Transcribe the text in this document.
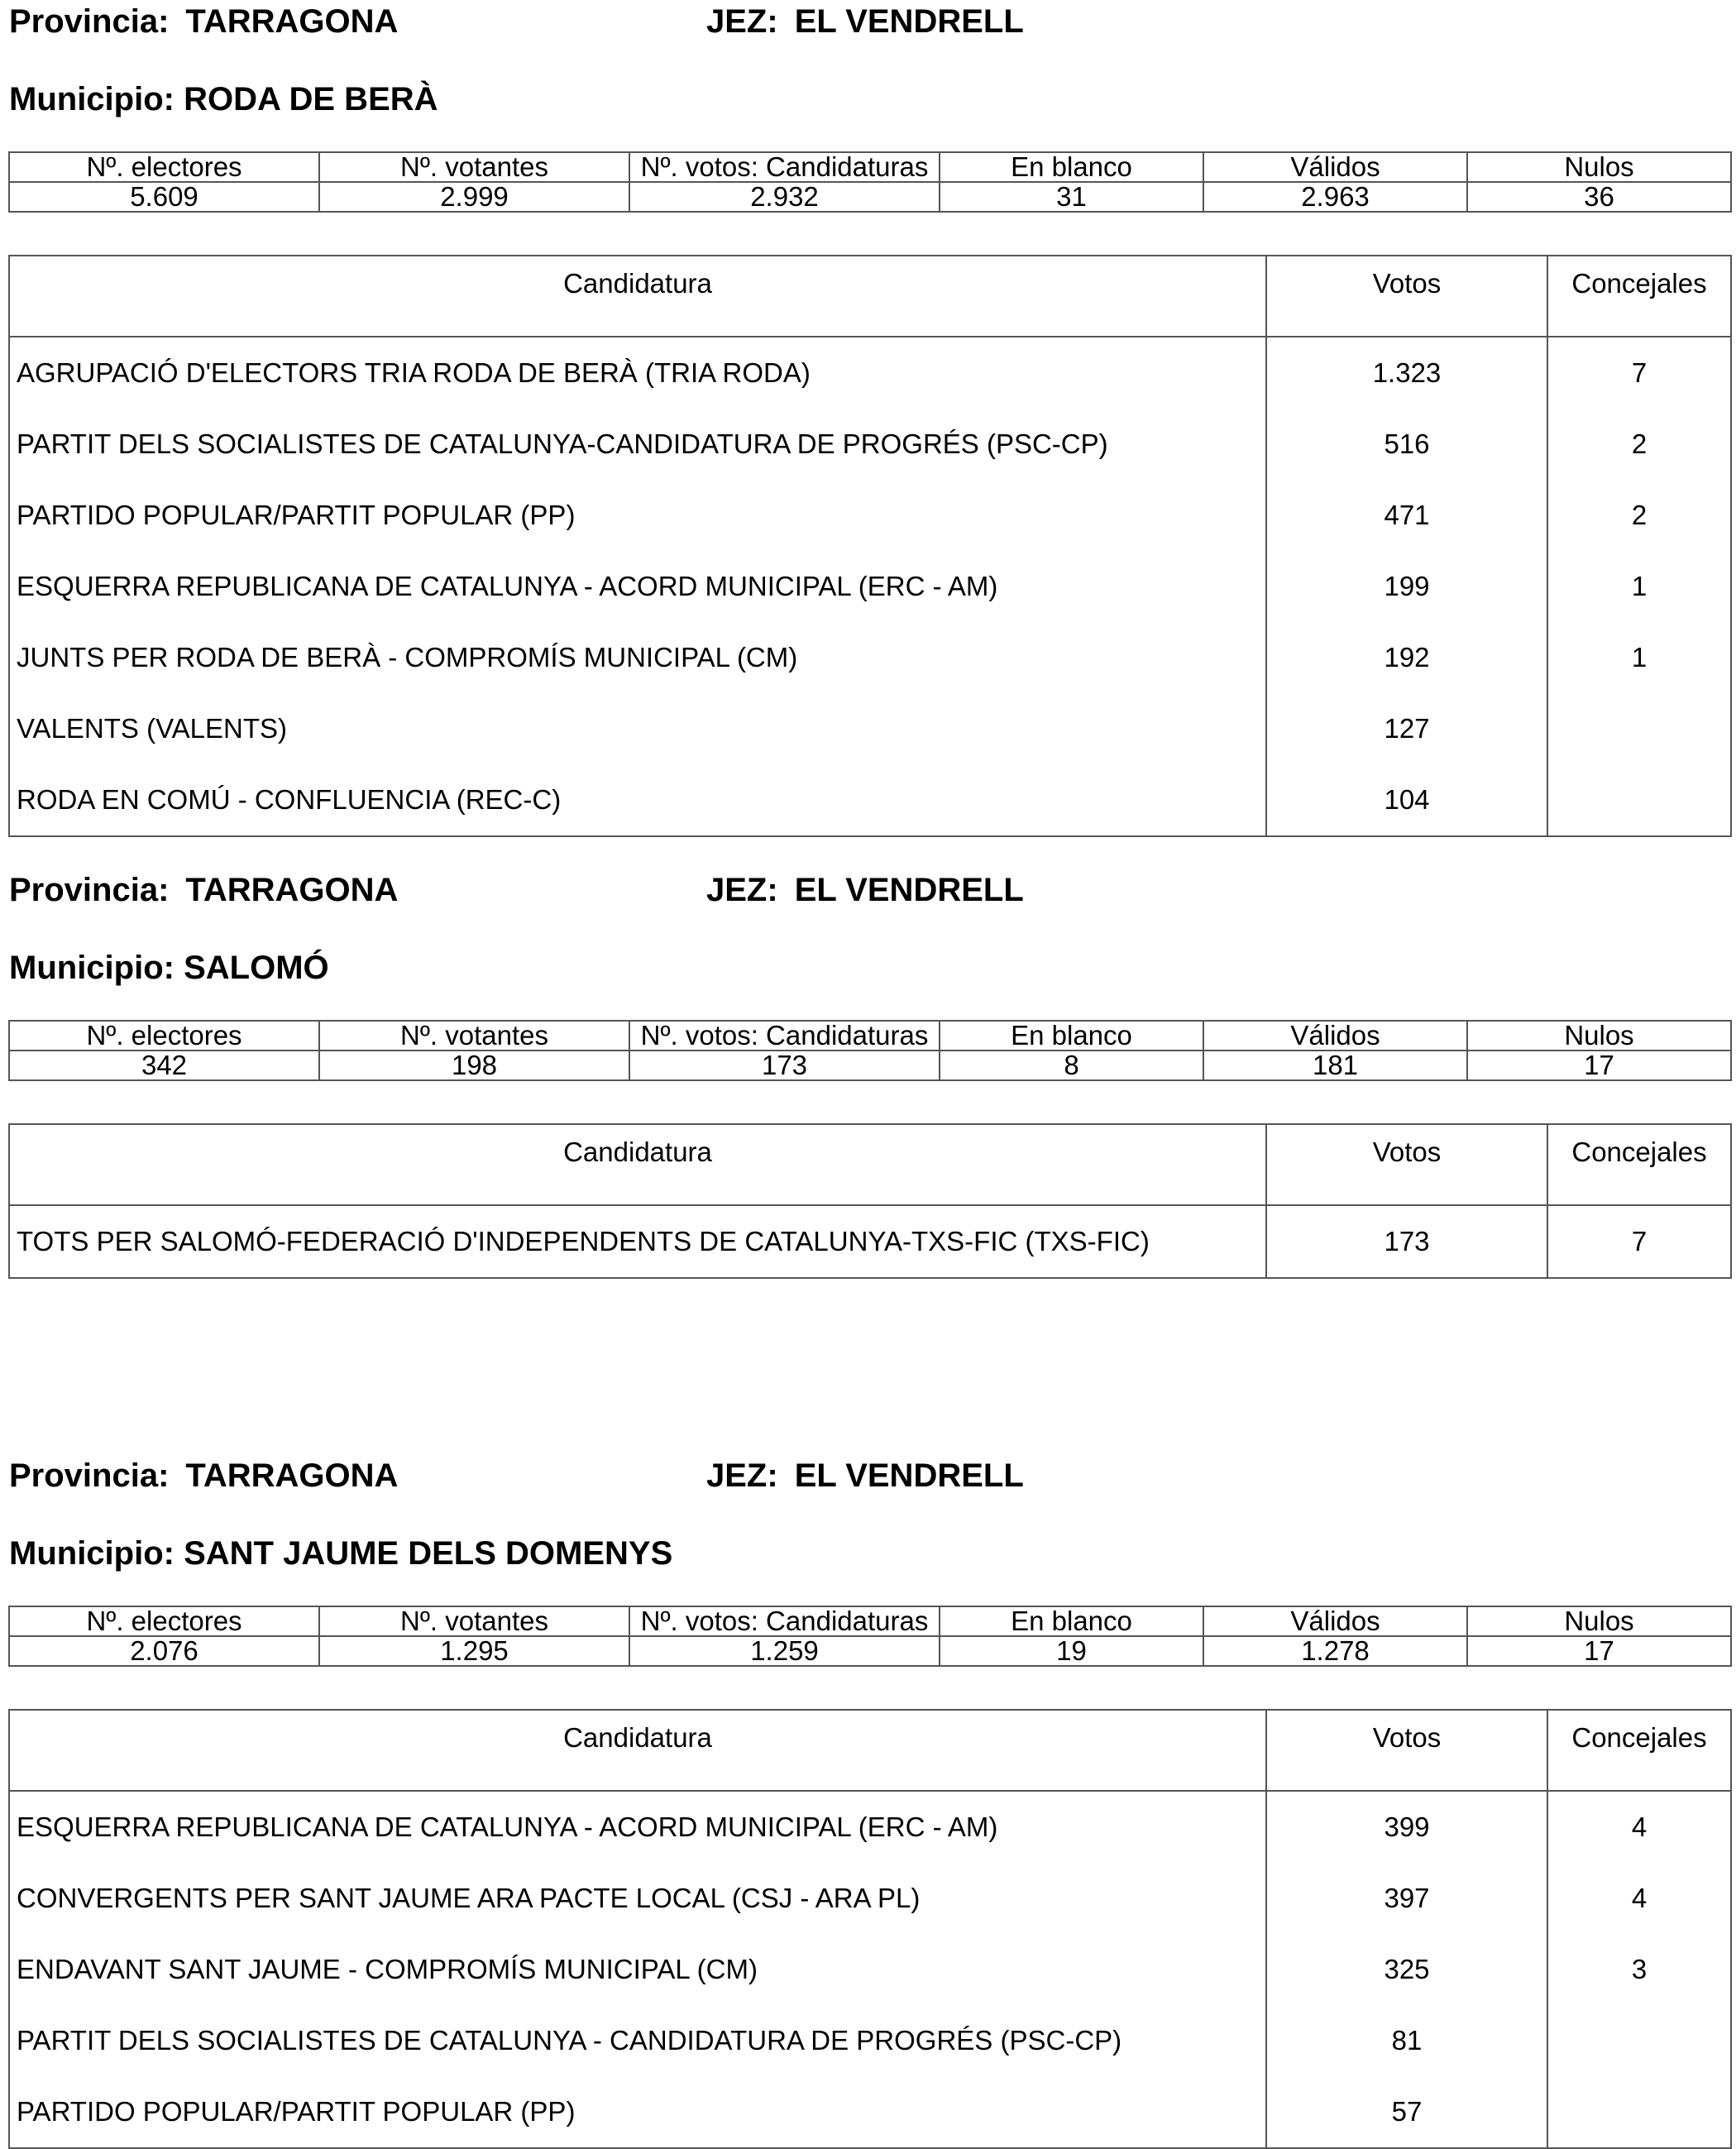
Provincia: TARRAGONA	JEZ: EL VENDRELL
Municipio: RODA DE BERÀ
Nº. electores	Nº. votantes	Nº. votos: Candidaturas	En blanco	Válidos	Nulos
5.609	2.999	2.932	31	2.963	36
Candidatura	Votos	Concejales
AGRUPACIÓ D'ELECTORS TRIA RODA DE BERÀ (TRIA RODA)	1.323	7
PARTIT DELS SOCIALISTES DE CATALUNYA-CANDIDATURA DE PROGRÉS (PSC-CP)	516	2
PARTIDO POPULAR/PARTIT POPULAR (PP)	471	2
ESQUERRA REPUBLICANA DE CATALUNYA - ACORD MUNICIPAL (ERC - AM)	199	1
JUNTS PER RODA DE BERÀ - COMPROMÍS MUNICIPAL (CM)	192	1
VALENTS (VALENTS)	127	
RODA EN COMÚ - CONFLUENCIA (REC-C)	104	
Provincia: TARRAGONA	JEZ: EL VENDRELL
Municipio: SALOMÓ
Nº. electores	Nº. votantes	Nº. votos: Candidaturas	En blanco	Válidos	Nulos
342	198	173	8	181	17
Candidatura	Votos	Concejales
TOTS PER SALOMÓ-FEDERACIÓ D'INDEPENDENTS DE CATALUNYA-TXS-FIC (TXS-FIC)	173	7
Provincia: TARRAGONA	JEZ: EL VENDRELL
Municipio: SANT JAUME DELS DOMENYS
Nº. electores	Nº. votantes	Nº. votos: Candidaturas	En blanco	Válidos	Nulos
2.076	1.295	1.259	19	1.278	17
Candidatura	Votos	Concejales
ESQUERRA REPUBLICANA DE CATALUNYA - ACORD MUNICIPAL (ERC - AM)	399	4
CONVERGENTS PER SANT JAUME ARA PACTE LOCAL (CSJ - ARA PL)	397	4
ENDAVANT SANT JAUME - COMPROMÍS MUNICIPAL (CM)	325	3
PARTIT DELS SOCIALISTES DE CATALUNYA - CANDIDATURA DE PROGRÉS (PSC-CP)	81	
PARTIDO POPULAR/PARTIT POPULAR (PP)	57	
